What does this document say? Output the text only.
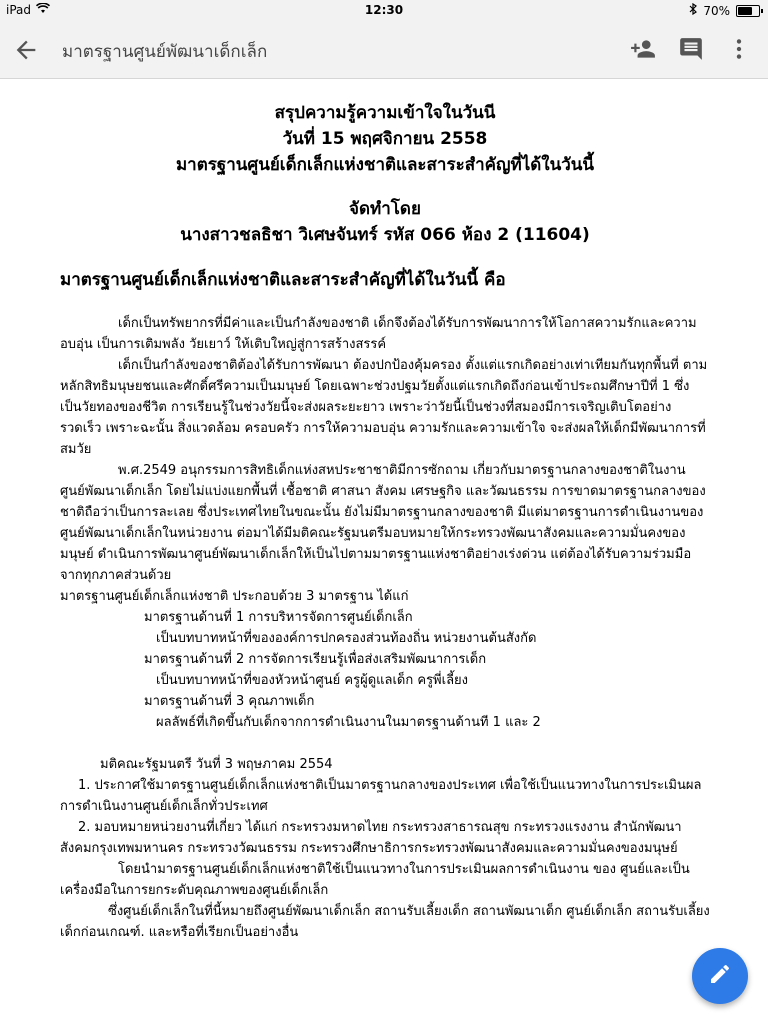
iPad	12:30	70%
มาตรฐานศูนย์พัฒนาเด็กเล็ก
สรุปความรู้ความเข้าใจในวันนี
วันที่ 15 พฤศจิกายน 2558
มาตรฐานศูนย์เด็กเล็กแห่งชาติและสาระสำคัญที่ได้ในวันนี้
จัดทำโดย
นางสาวชลธิชา วิเศษจันทร์ รหัส 066 ห้อง 2 (11604)
มาตรฐานศูนย์เด็กเล็กแห่งชาติและสาระสำคัญที่ได้ในวันนี้ คือ

เด็กเป็นทรัพยากรที่มีค่าและเป็นกำลังของชาติ เด็กจึงต้องได้รับการพัฒนาการให้โอกาสความรักและความอบอุ่น เป็นการเติมพลัง วัยเยาว์ ให้เติบใหญ่สู่การสร้างสรรค์

เด็กเป็นกำลังของชาติต้องได้รับการพัฒนา ต้องปกป้องคุ้มครอง ตั้งแต่แรกเกิดอย่างเท่าเทียมกันทุกพื้นที่ ตามหลักสิทธิมนุษยชนและศักดิ์ศรีความเป็นมนุษย์ โดยเฉพาะช่วงปฐมวัยตั้งแต่แรกเกิดถึงก่อนเข้าประถมศึกษาปีที่ 1 ซึ่งเป็นวัยทองของชีวิต การเรียนรู้ในช่วงวัยนี้จะส่งผลระยะยาว เพราะว่าวัยนี้เป็นช่วงที่สมองมีการเจริญเติบโตอย่างรวดเร็ว เพราะฉะนั้น สิ่งแวดล้อม ครอบครัว การให้ความอบอุ่น ความรักและความเข้าใจ จะส่งผลให้เด็กมีพัฒนาการที่สมวัย

พ.ศ.2549 อนุกรรมการสิทธิเด็กแห่งสหประชาชาติมีการซักถาม เกี่ยวกับมาตรฐานกลางของชาติในงานศูนย์พัฒนาเด็กเล็ก โดยไม่แบ่งแยกพื้นที่ เชื้อชาติ ศาสนา สังคม เศรษฐกิจ และวัฒนธรรม การขาดมาตรฐานกลางของชาติถือว่าเป็นการละเลย ซึ่งประเทศไทยในขณะนั้น ยังไม่มีมาตรฐานกลางของชาติ มีแต่มาตรฐานการดำเนินงานของศูนย์พัฒนาเด็กเล็กในหน่วยงาน ต่อมาได้มีมติคณะรัฐมนตรีมอบหมายให้กระทรวงพัฒนาสังคมและความมั่นคงของมนุษย์ ดำเนินการพัฒนาศูนย์พัฒนาเด็กเล็กให้เป็นไปตามมาตรฐานแห่งชาติอย่างเร่งด่วน แต่ต้องได้รับความร่วมมือจากทุกภาคส่วนด้วย

มาตรฐานศูนย์เด็กเล็กแห่งชาติ ประกอบด้วย 3 มาตรฐาน ได้แก่

มาตรฐานด้านที่ 1 การบริหารจัดการศูนย์เด็กเล็ก

เป็นบทบาทหน้าที่ขององค์การปกครองส่วนท้องถิ่น หน่วยงานต้นสังกัด

มาตรฐานด้านที่ 2 การจัดการเรียนรู้เพื่อส่งเสริมพัฒนาการเด็ก

เป็นบทบาทหน้าที่ของหัวหน้าศูนย์ ครูผู้ดูแลเด็ก ครูพี่เลี้ยง

มาตรฐานด้านที่ 3 คุณภาพเด็ก

ผลลัพธ์ที่เกิดขึ้นกับเด็กจากการดำเนินงานในมาตรฐานด้านที 1 และ 2

มติคณะรัฐมนตรี วันที่ 3 พฤษภาคม 2554

1. ประกาศใช้มาตรฐานศูนย์เด็กเล็กแห่งชาติเป็นมาตรฐานกลางของประเทศ เพื่อใช้เป็นแนวทางในการประเมินผลการดำเนินงานศูนย์เด็กเล็กทั่วประเทศ

2. มอบหมายหน่วยงานที่เกี่ยว ได้แก่ กระทรวงมหาดไทย กระทรวงสาธารณสุข กระทรวงแรงงาน สำนักพัฒนาสังคมกรุงเทพมหานคร กระทรวงวัฒนธรรม กระทรวงศึกษาธิการกระทรวงพัฒนาสังคมและความมั่นคงของมนุษย์

โดยนำมาตรฐานศูนย์เด็กเล็กแห่งชาติใช้เป็นแนวทางในการประเมินผลการดำเนินงาน ของ ศูนย์และเป็นเครื่องมือในการยกระดับคุณภาพของศูนย์เด็กเล็ก

ซึ่งศูนย์เด็กเล็กในที่นี้หมายถึงศูนย์พัฒนาเด็กเล็ก สถานรับเลี้ยงเด็ก สถานพัฒนาเด็ก ศูนย์เด็กเล็ก สถานรับเลี้ยงเด็กก่อนเกณฑ์. และหรือที่เรียกเป็นอย่างอื่น
